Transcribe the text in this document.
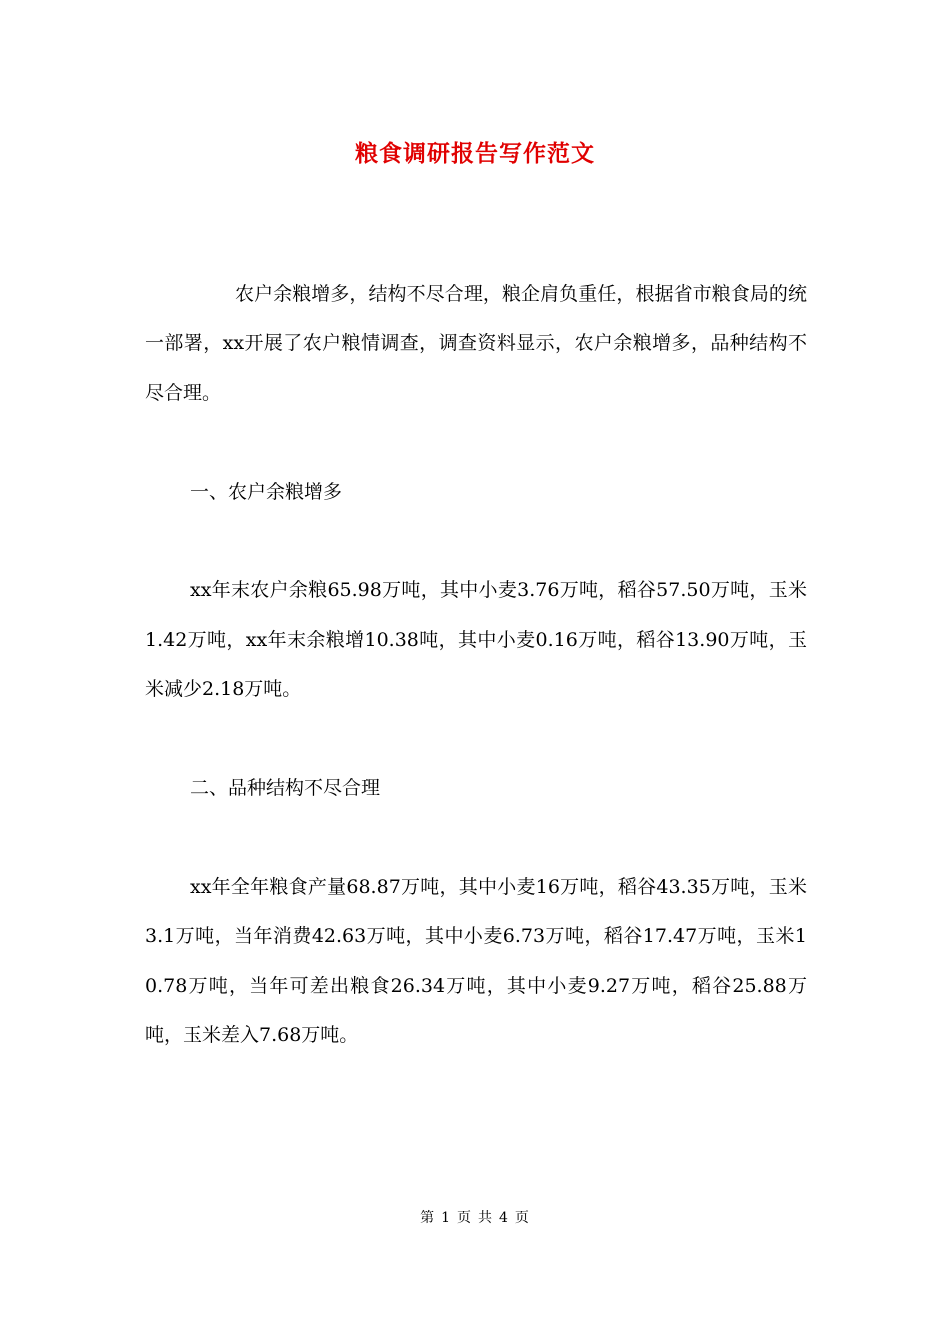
粮食调研报告写作范文

农户余粮增多，结构不尽合理，粮企肩负重任，根据省市粮食局的统一部署，xx开展了农户粮情调查，调查资料显示，农户余粮增多，品种结构不尽合理。

一、农户余粮增多

xx年末农户余粮65.98万吨，其中小麦3.76万吨，稻谷57.50万吨，玉米1.42万吨，xx年末余粮增10.38吨，其中小麦0.16万吨，稻谷13.90万吨，玉米减少2.18万吨。

二、品种结构不尽合理

xx年全年粮食产量68.87万吨，其中小麦16万吨，稻谷43.35万吨，玉米3.1万吨，当年消费42.63万吨，其中小麦6.73万吨，稻谷17.47万吨，玉米10.78万吨，当年可差出粮食26.34万吨，其中小麦9.27万吨，稻谷25.88万吨，玉米差入7.68万吨。

第 1 页 共 4 页
